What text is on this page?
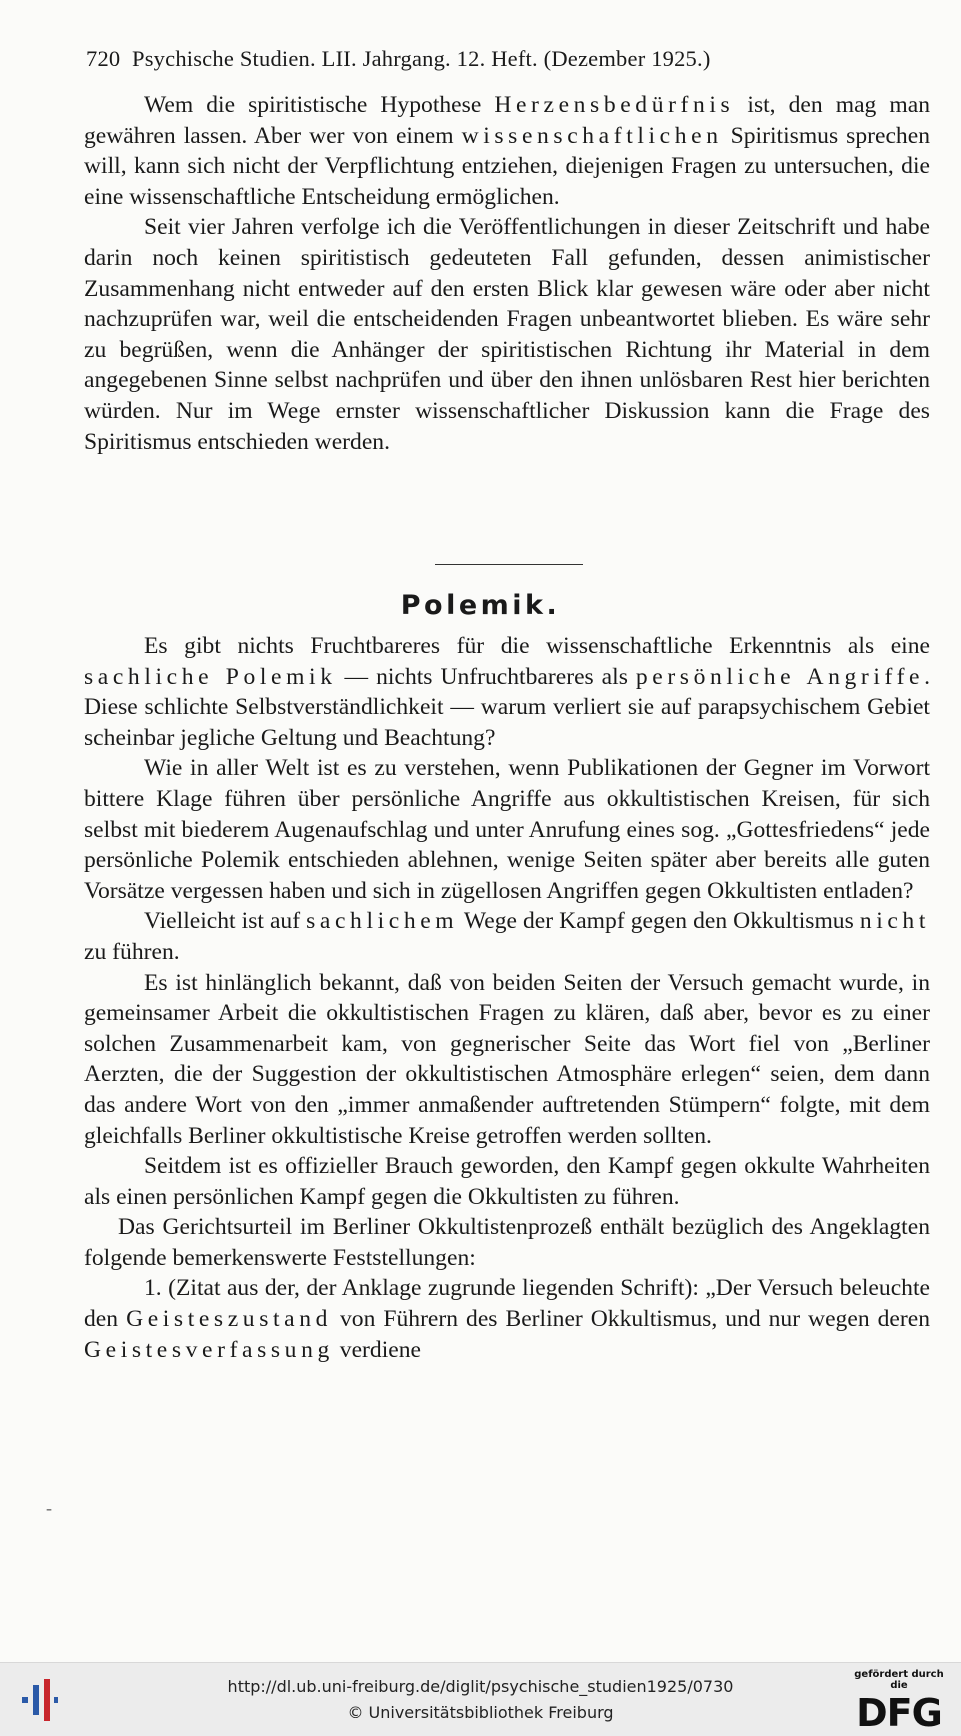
720 Psychische Studien. LII. Jahrgang. 12. Heft. (Dezember 1925.)

Wem die spiritistische Hypothese Herzensbedürfnis ist, den mag man gewähren lassen. Aber wer von einem wissenschaftlichen Spiritismus sprechen will, kann sich nicht der Verpflichtung entziehen, diejenigen Fragen zu untersuchen, die eine wissenschaftliche Entscheidung ermöglichen.

Seit vier Jahren verfolge ich die Veröffentlichungen in dieser Zeitschrift und habe darin noch keinen spiritistisch gedeuteten Fall gefunden, dessen animistischer Zusammenhang nicht entweder auf den ersten Blick klar gewesen wäre oder aber nicht nachzuprüfen war, weil die entscheidenden Fragen unbeantwortet blieben. Es wäre sehr zu begrüßen, wenn die Anhänger der spiritistischen Richtung ihr Material in dem angegebenen Sinne selbst nachprüfen und über den ihnen unlösbaren Rest hier berichten würden. Nur im Wege ernster wissenschaftlicher Diskussion kann die Frage des Spiritismus entschieden werden.

Polemik.

Es gibt nichts Fruchtbareres für die wissenschaftliche Erkenntnis als eine sachliche Polemik — nichts Unfruchtbareres als persönliche Angriffe. Diese schlichte Selbstverständlichkeit — warum verliert sie auf parapsychischem Gebiet scheinbar jegliche Geltung und Beachtung?

Wie in aller Welt ist es zu verstehen, wenn Publikationen der Gegner im Vorwort bittere Klage führen über persönliche Angriffe aus okkultistischen Kreisen, für sich selbst mit biederem Augenaufschlag und unter Anrufung eines sog. „Gottesfriedens“ jede persönliche Polemik entschieden ablehnen, wenige Seiten später aber bereits alle guten Vorsätze vergessen haben und sich in zügellosen Angriffen gegen Okkultisten entladen?

Vielleicht ist auf sachlichem Wege der Kampf gegen den Okkultismus nicht zu führen.

Es ist hinlänglich bekannt, daß von beiden Seiten der Versuch gemacht wurde, in gemeinsamer Arbeit die okkultistischen Fragen zu klären, daß aber, bevor es zu einer solchen Zusammenarbeit kam, von gegnerischer Seite das Wort fiel von „Berliner Aerzten, die der Suggestion der okkultistischen Atmosphäre erlegen“ seien, dem dann das andere Wort von den „immer anmaßender auftretenden Stümpern“ folgte, mit dem gleichfalls Berliner okkultistische Kreise getroffen werden sollten.

Seitdem ist es offizieller Brauch geworden, den Kampf gegen okkulte Wahrheiten als einen persönlichen Kampf gegen die Okkultisten zu führen.

Das Gerichtsurteil im Berliner Okkultistenprozeß enthält bezüglich des Angeklagten folgende bemerkenswerte Feststellungen:

1. (Zitat aus der, der Anklage zugrunde liegenden Schrift): „Der Versuch beleuchte den Geisteszustand von Führern des Berliner Okkultismus, und nur wegen deren Geistesverfassung verdiene

-
http://dl.ub.uni-freiburg.de/diglit/psychische_studien1925/0730
© Universitätsbibliothek Freiburg
gefördert durch die
DFG
